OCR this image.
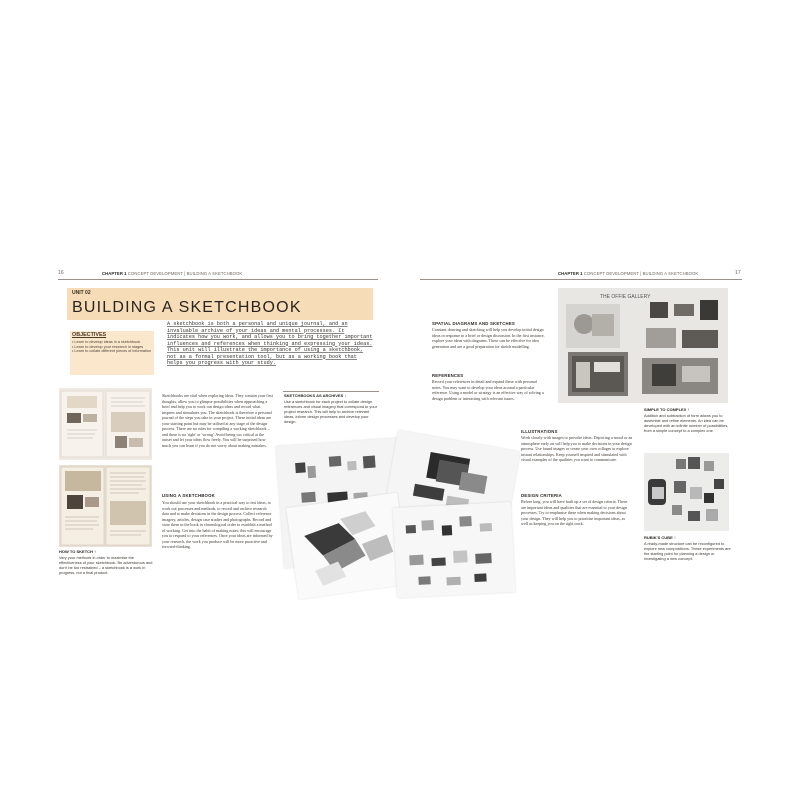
16	CHAPTER 1 CONCEPT DEVELOPMENT | BUILDING A SKETCHBOOK	CHAPTER 1 CONCEPT DEVELOPMENT | BUILDING A SKETCHBOOK	17
UNIT 02
BUILDING A SKETCHBOOK
A sketchbook is both a personal and unique journal, and an invaluable archive of your ideas and mental processes. It indicates how you work, and allows you to bring together important influences and references when thinking and expressing your ideas. This unit will illustrate the importance of using a sketchbook, not as a formal presentation tool, but as a working book that helps you progress with your study.
OBJECTIVES
• Learn to develop ideas in a sketchbook
• Learn to develop your research in stages
• Learn to collate different pieces of information
HOW TO SKETCH ↑
Vary your methods in order to maximise the effectiveness of your sketchbook. Be adventurous and don't be too restrained – a sketchbook is a work in progress, not a final product.
Sketchbooks are vital when exploring ideas. They contain your first thoughts, allow you to glimpse possibilities when approaching a brief and help you to work out design ideas and record what inspires and stimulates you. The sketchbook is therefore a personal journal of the steps you take in your project. These initial ideas are your starting point but may be utilised at any stage of the design process. There are no rules for compiling a working sketchbook – and there is no 'right' or 'wrong'. Avoid being too critical at the outset and let your ideas flow freely. You will be surprised how much you can learn if you do not worry about making mistakes.
USING A SKETCHBOOK
You should use your sketchbook in a practical way to test ideas, to work out processes and methods, to record and archive research data and to make decisions in the design process. Collect reference imagery, articles, design case studies and photographs. Record and store them in the book in chronological order to establish a method of working. Get into the habit of making notes; this will encourage you to respond to your references. Once your ideas are informed by your research, the work you produce will be more proactive and forward-thinking.
SKETCHBOOKS AS ARCHIVES ↓
Use a sketchbook for each project to collate design references and visual imagery that correspond to your project research. This will help to archive relevant ideas, inform design processes and develop your design.
SPATIAL DIAGRAMS AND SKETCHES
Constant drawing and sketching will help you develop initial design ideas in response to a brief or design discussion. In the first instance, explore your ideas with diagrams. These can be effective for idea generation and are a good preparation for sketch modelling.
REFERENCES
Record your references in detail and expand these with personal notes. You may want to develop your ideas around a particular reference. Using a model or strategy is an effective way of solving a design problem or interacting with relevant issues.
ILLUSTRATIONS
Work closely with images to provoke ideas. Depicting a mood or an atmosphere early on will help you to make decisions in your design process. Use found images or create your own collages to explore instant relationships. Keep yourself inspired and stimulated with visual examples of the qualities you want to communicate.
DESIGN CRITERIA
Before long, you will have built up a set of design criteria. These are important ideas and qualities that are essential to your design processes. Try to emphasise these when making decisions about your design. They will help you to prioritise important ideas, as well as keeping you on the right track.
THE OFFIE GALLERY
SIMPLE TO COMPLEX ↑
Addition and subtraction of form allows you to assemble and refine elements. An idea can be developed with an infinite number of possibilities, from a simple concept to a complex one.
RUBIK'S CUBE ↑
A ready-made structure can be reconfigured to explore new compositions. These experiments are the starting point for planning a design or investigating a new concept.
